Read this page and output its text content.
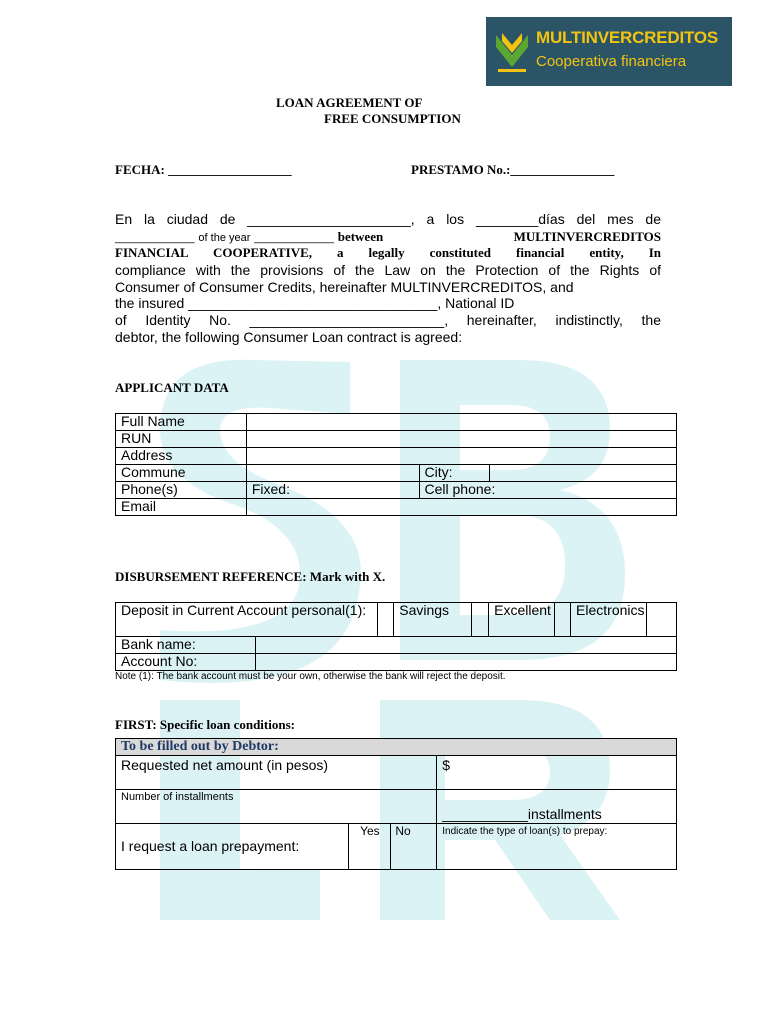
MULTINVERCREDITOS
Cooperativa financiera
LOAN AGREEMENT OF
FREE CONSUMPTION
FECHA: ___________________	PRESTAMO No.:________________
En la ciudad de _____________________, a los ________días del mes de
_____________ of the year _____________ between	MULTINVERCREDITOS
FINANCIAL COOPERATIVE, a legally constituted financial entity, In
compliance with the provisions of the Law on the Protection of the Rights of
Consumer of Consumer Credits, hereinafter MULTINVERCREDITOS, and
the insured ________________________________, National ID
of Identity No. _________________________, hereinafter, indistinctly, the
debtor, the following Consumer Loan contract is agreed:
APPLICANT DATA
Full Name			
RUN			
Address			
Commune		City:	
Phone(s)	Fixed:	Cell phone:	
Email			
DISBURSEMENT REFERENCE: Mark with X.
Deposit in Current Account personal(1):			Savings		Excellent		Electronics	
Bank name:								
Account No:								
Note (1): The bank account must be your own, otherwise the bank will reject the deposit.
FIRST: Specific loan conditions:
To be filled out by Debtor:			
Requested net amount (in pesos)			$
Number of installments			___________installments
I request a loan prepayment:	Yes	No	Indicate the type of loan(s) to prepay:
